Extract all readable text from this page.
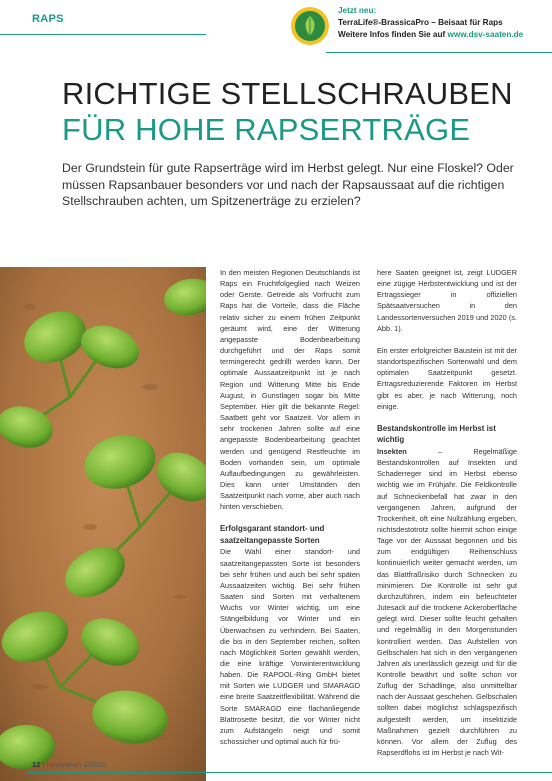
RAPS
Jetzt neu:
TerraLife®-BrassicaPro – Beisaat für Raps
Weitere Infos finden Sie auf www.dsv-saaten.de
RICHTIGE STELLSCHRAUBEN
FÜR HOHE RAPSERTRÄGE
Der Grundstein für gute Rapserträge wird im Herbst gelegt. Nur eine Floskel? Oder müssen Rapsanbauer besonders vor und nach der Rapsaussaat auf die richtigen Stellschrauben achten, um Spitzenerträge zu erzielen?

In den meisten Regionen Deutschlands ist Raps ein Fruchtfolgeglied nach Weizen oder Gerste. Getreide als Vorfrucht zum Raps hat die Vorteile, dass die Fläche relativ sicher zu einem frühen Zeitpunkt geräumt wird, eine der Witterung angepasste Bodenbearbeitung durchgeführt und der Raps somit termingerecht gedrillt werden kann. Der optimale Aussaatzeitpunkt ist je nach Region und Witterung Mitte bis Ende August, in Gunstlagen sogar bis Mitte September. Hier gilt die bekannte Regel: Saatbett geht vor Saatzeit. Vor allem in sehr trockenen Jahren sollte auf eine angepasste Bodenbearbeitung geachtet werden und genügend Restfeuchte im Boden vorhanden sein, um optimale Auflaufbedingungen zu gewährleisten. Dies kann unter Umständen den Saatzeitpunkt nach vorne, aber auch nach hinten verschieben.

Erfolgsgarant standort- und saatzeitangepasste Sorten

Die Wahl einer standort- und saatzeitangepassten Sorte ist besonders bei sehr frühen und auch bei sehr späten Aussaatzeiten wichtig. Bei sehr frühen Saaten sind Sorten mit verhaltenem Wuchs vor Winter wichtig, um eine Stängelbildung vor Winter und ein Überwachsen zu verhindern. Bei Saaten, die bis in den September reichen, sollten nach Möglichkeit Sorten gewählt werden, die eine kräftige Vorwinterentwicklung haben. Die RAPOOL-Ring GmbH bietet mit Sorten wie LUDGER und SMARAGD eine breite Saatzeitflexibilität. Während die Sorte SMARAGD eine flachanliegende Blattrosette besitzt, die vor Winter nicht zum Aufstängeln neigt und somit schossicher und optimal auch für frü-

here Saaten geeignet ist, zeigt LUDGER eine zügige Herbstentwicklung und ist der Ertragssieger in offiziellen Spätsaatversuchen in den Landessortenversuchen 2019 und 2020 (s. Abb. 1).

Ein erster erfolgreicher Baustein ist mit der standortspezifischen Sortenwahl und dem optimalen Saatzeitpunkt gesetzt. Ertragsreduzierende Faktoren im Herbst gibt es aber, je nach Witterung, noch einige.

Bestandskontrolle im Herbst ist wichtig

Insekten – Regelmäßige Bestandskontrollen auf Insekten und Schaderreger sind im Herbst ebenso wichtig wie im Frühjahr. Die Feldkontrolle auf Schneckenbefall hat zwar in den vergangenen Jahren, aufgrund der Trockenheit, oft eine Nullzählung ergeben, nichtsdestotrotz sollte hiermit schon einige Tage vor der Aussaat begonnen und bis zum endgültigen Reihenschluss kontinuierlich weiter gemacht werden, um das Blattfraßrisiko durch Schnecken zu minimieren. Die Kontrolle ist sehr gut durchzuführen, indem ein befeuchteter Jutesack auf die trockene Ackeroberfläche gelegt wird. Dieser sollte feucht gehalten und regelmäßig in den Morgenstunden kontrolliert werden. Das Aufstellen von Gelbschalen hat sich in den vergangenen Jahren als unerlässlich gezeigt und für die Kontrolle bewährt und sollte schon vor Zuflug der Schädlinge, also unmittelbar nach der Aussaat geschehen. Gelbschalen sollten dabei möglichst schlagspezifisch aufgestellt werden, um insektizide Maßnahmen gezielt durchführen zu können. Vor allem der Zuflug des Rapserdflohs ist im Herbst je nach Wit-

12 | Innovation 3/2021
